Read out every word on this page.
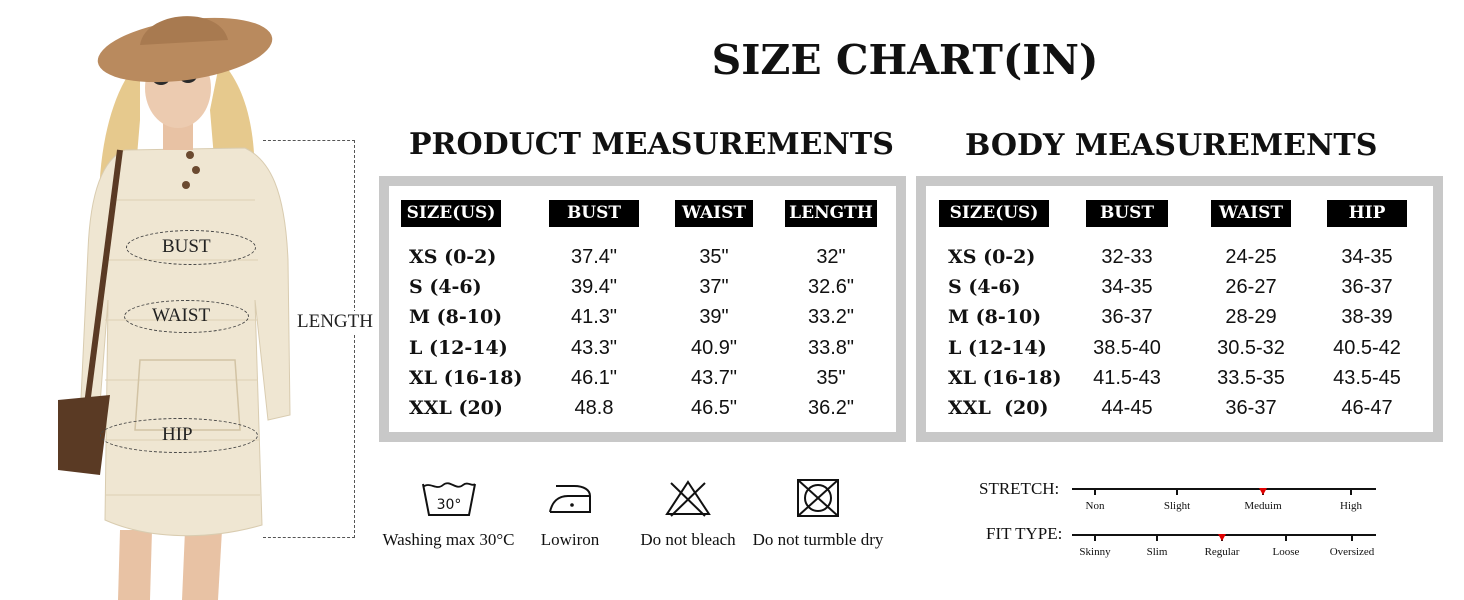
BUST
WAIST
HIP
LENGTH
SIZE CHART(IN)
PRODUCT MEASUREMENTS BODY MEASUREMENTS
SIZE(US)	BUST	WAIST	LENGTH
XS (0-2)	37.4"	35"	32"
S (4-6)	39.4"	37"	32.6"
M (8-10)	41.3"	39"	33.2"
L (12-14)	43.3"	40.9"	33.8"
XL (16-18)	46.1"	43.7"	35"
XXL (20)	48.8	46.5"	36.2"
SIZE(US)	BUST	WAIST	HIP
XS (0-2)	32-33	24-25	34-35
S (4-6)	34-35	26-27	36-37
M (8-10)	36-37	28-29	38-39
L (12-14)	38.5-40	30.5-32	40.5-42
XL (16-18)	41.5-43	33.5-35	43.5-45
XXL  (20)	44-45	36-37	46-47
30°
Washing max 30°C	Lowiron	Do not bleach Do not turmble dry
STRETCH:
Non	Slight	Meduim	High
FIT TYPE:
Skinny	Slim	Regular	Loose	Oversized
